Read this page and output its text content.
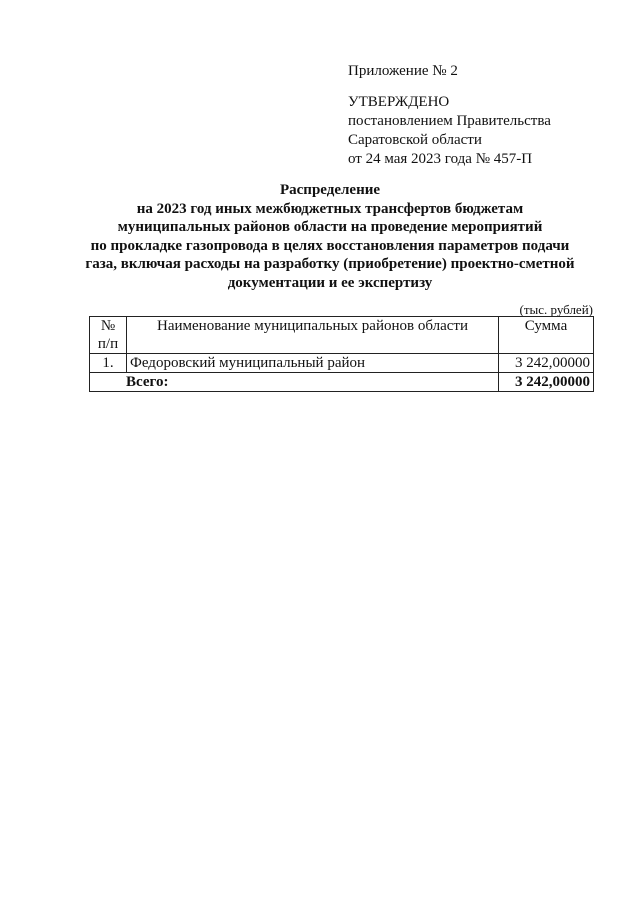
Приложение № 2
УТВЕРЖДЕНО
постановлением Правительства
Саратовской области
от 24 мая 2023 года № 457-П
Распределение
на 2023 год иных межбюджетных трансфертов бюджетам
муниципальных районов области на проведение мероприятий
по прокладке газопровода в целях восстановления параметров подачи
газа, включая расходы на разработку (приобретение) проектно-сметной
документации и ее экспертизу
(тыс. рублей)
№
п/п	Наименование муниципальных районов области	Сумма
1.	Федоровский муниципальный район	3 242,00000
Всего:		3 242,00000
